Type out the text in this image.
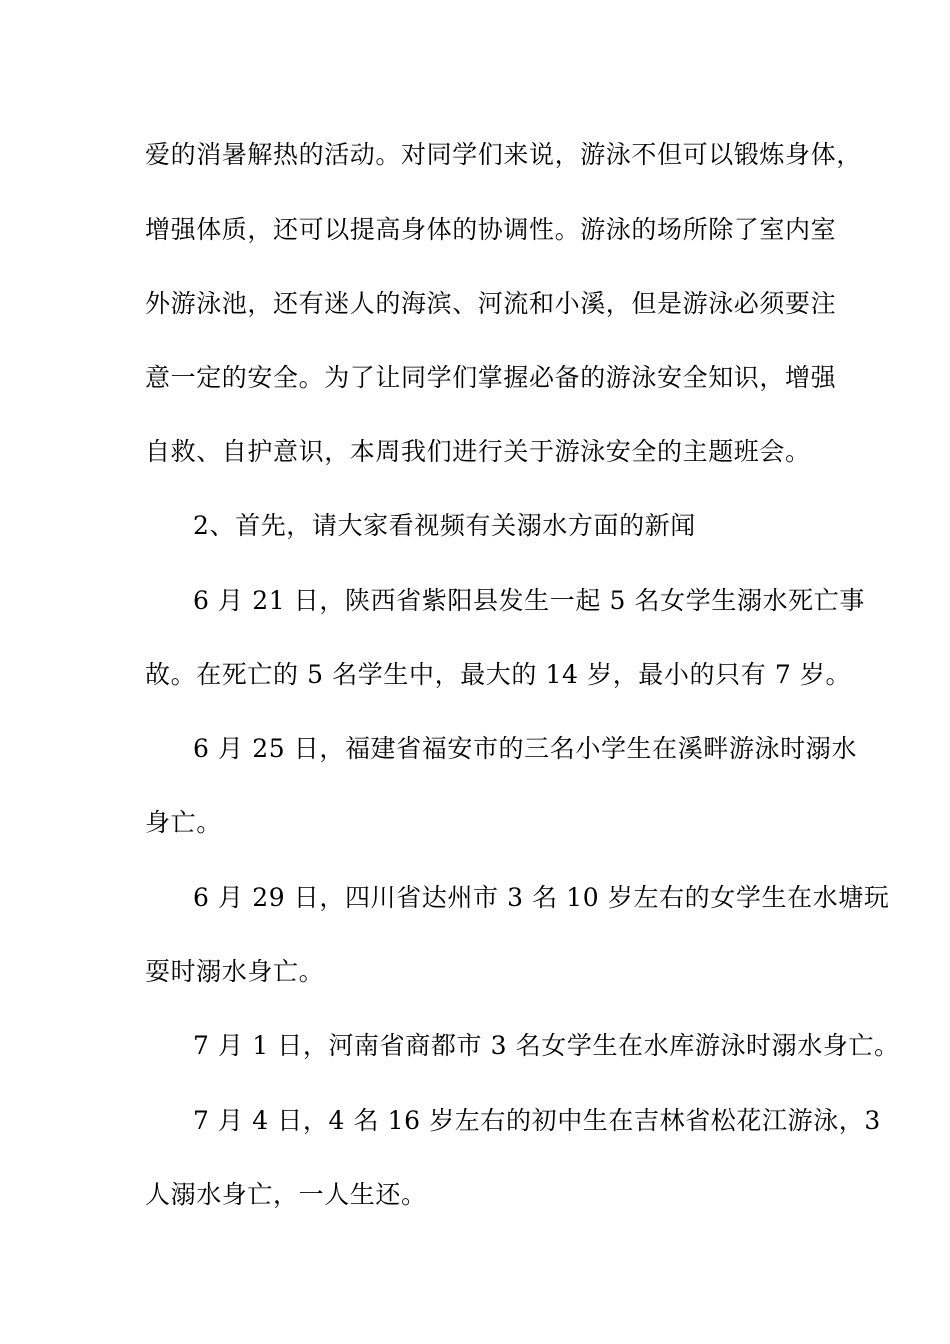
爱的消暑解热的活动。对同学们来说，游泳不但可以锻炼身体，
增强体质，还可以提高身体的协调性。游泳的场所除了室内室
外游泳池，还有迷人的海滨、河流和小溪，但是游泳必须要注
意一定的安全。为了让同学们掌握必备的游泳安全知识，增强
自救、自护意识，本周我们进行关于游泳安全的主题班会。
2、首先，请大家看视频有关溺水方面的新闻
6 月 21 日，陕西省紫阳县发生一起 5 名女学生溺水死亡事
故。在死亡的 5 名学生中，最大的 14 岁，最小的只有 7 岁。
6 月 25 日，福建省福安市的三名小学生在溪畔游泳时溺水
身亡。
6 月 29 日，四川省达州市 3 名 10 岁左右的女学生在水塘玩
耍时溺水身亡。
7 月 1 日，河南省商都市 3 名女学生在水库游泳时溺水身亡。
7 月 4 日，4 名 16 岁左右的初中生在吉林省松花江游泳，3
人溺水身亡，一人生还。
